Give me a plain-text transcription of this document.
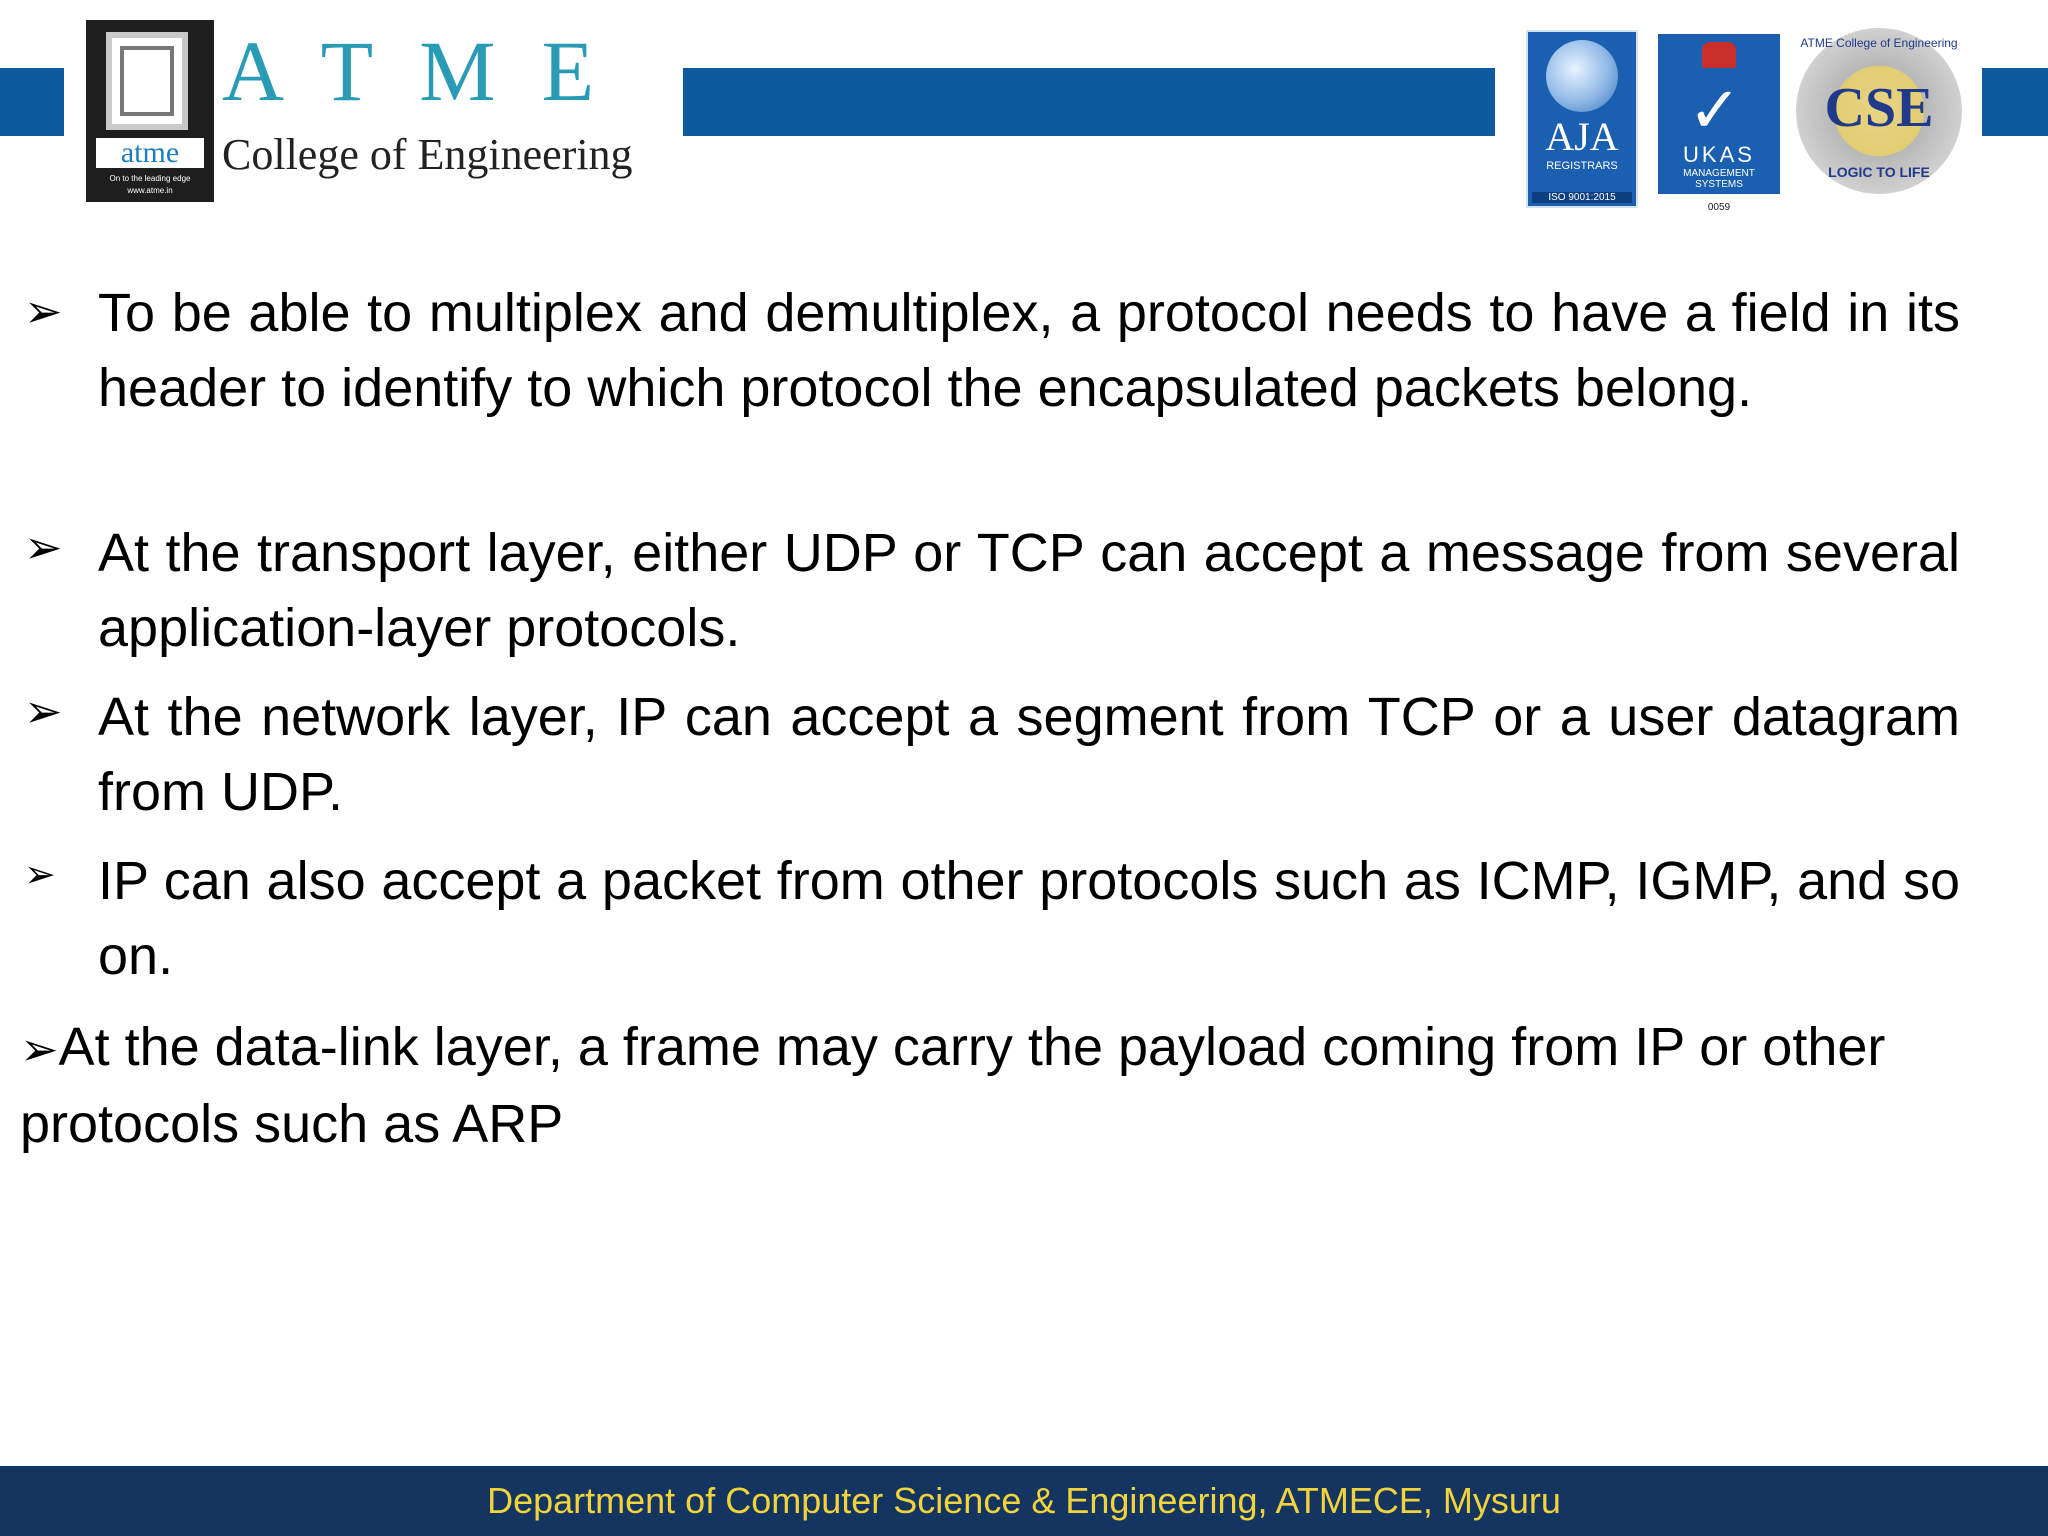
atme
On to the leading edge
www.atme.in
ATME
College of Engineering	AJA
REGISTRARS
ISO 9001:2015
✓
UKAS
MANAGEMENT SYSTEMS
0059
ATME College of Engineering
CSE
LOGIC TO LIFE
➢ To be able to multiplex and demultiplex, a protocol needs to have a field in its header to identify to which protocol the encapsulated packets belong.
➢ At the transport layer, either UDP or TCP can accept a message from several application-layer protocols.
➢ At the network layer, IP can accept a segment from TCP or a user datagram from UDP.
➢ IP can also accept a packet from other protocols such as ICMP, IGMP, and so on.
➢At the data-link layer, a frame may carry the payload coming from IP or other protocols such as ARP
Department of Computer Science & Engineering, ATMECE, Mysuru
